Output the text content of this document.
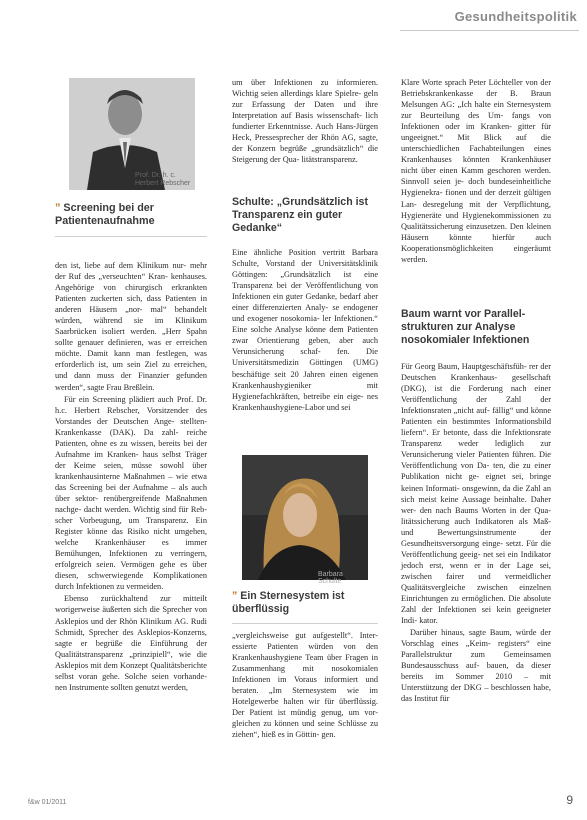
Gesundheitspolitik
Prof. Dr. h. c.
Herbert Rebscher
” Screening bei der Patientenaufnahme

den ist, liebe auf dem Klinikum nur- mehr der Ruf des „verseuchten“ Kran- kenhauses. Angehörige von chirurgisch erkrankten Patienten zuckerten sich, dass Patienten in anderen Häusern „nor- mal“ behandelt würden, während sie im Klinikum Saarbrücken isoliert werden. „Herr Spahn sollte genauer definieren, was er erreichen möchte. Damit kann man festlegen, was erforderlich ist, um sein Ziel zu erreichen, und dann muss der Finanzier gefunden werden“, sagte Frau Breßlein.

Für ein Screening plädiert auch Prof. Dr. h.c. Herbert Rebscher, Vorsitzender des Vorstandes der Deutschen Ange- stellten-Krankenkasse (DAK). Da zahl- reiche Patienten, ohne es zu wissen, bereits bei der Aufnahme im Kranken- haus selbst Träger der Keime seien, müsse sowohl über krankenhausinterne Maßnahmen – wie etwa das Screening bei der Aufnahme – als auch über sektor- renübergreifende Maßnahmen nachge- dacht werden. Wichtig sind für Reb- scher Vorbeugung, um Transparenz. Ein Register könne das Risiko nicht umgehen, welche Krankenhäuser es immer Bemühungen, Infektionen zu verringern, erfolgreich seien. Vermögen gehe es über diesen, schwerwiegende Komplikationen durch Infektionen zu vermeiden.

Ebenso zurückhaltend zur mitteilt worigerweise äußerten sich die Sprecher von Asklepios und der Rhön Klinikum AG. Rudi Schmidt, Sprecher des Asklepios-Konzerns, sagte er begrüße die Einführung der Qualitätstransparenz „prinzipiell“, wie die Asklepios mit dem Konzept Qualitätsberichte selbst voran gehe. Solche seien vorhande- nen Instrumente sollten genutzt werden,

um über Infektionen zu informieren. Wichtig seien allerdings klare Spielre- geln zur Erfassung der Daten und ihre Interpretation auf Basis wissenschaft- lich fundierter Erkenntnisse. Auch Hans-Jürgen Heck, Pressesprecher der Rhön AG, sagte, der Konzern begrüße „grundsätzlich“ die Steigerung der Qua- litätstransparenz.

Schulte: „Grundsätzlich ist Transparenz ein guter Gedanke“

Eine ähnliche Position vertritt Barbara Schulte, Vorstand der Universitätsklinik Göttingen: „Grundsätzlich ist eine Transparenz bei der Veröffentlichung von Infektionen ein guter Gedanke, bedarf aber einer differenzierten Analy- se endogener und exogener nosokomia- ler Infektionen.“ Eine solche Analyse könne dem Patienten zwar Orientierung geben, aber auch Verunsicherung schaf- fen. Die Universitätsmedizin Göttingen (UMG) beschäftige seit 20 Jahren einen eigenen Krankenhaushygieniker mit Hygienefachkräften, betreibe ein eige- nes Krankenhaushygiene-Labor und sei

Barbara Schulte
” Ein Sternesystem ist überflüssig

„vergleichsweise gut aufgestellt“. Inter- essierte Patienten würden von den Krankenhaushygiene Team über Fragen in Zusammenhang mit nosokomialen Infektionen im Voraus informiert und beraten. „Im Sternesystem wie im Hotelgewerbe halten wir für überflüssig. Der Patient ist mündig genug, um vor- gleichen zu können und seine Schlüsse zu ziehen“, hieß es in Göttin- gen.

Klare Worte sprach Peter Löchteller von der Betriebskrankenkasse der B. Braun Melsungen AG: „Ich halte ein Sternesystem zur Beurteilung des Um- fangs von Infektionen oder im Kranken- gitter für ungeeignet.“ Mit Blick auf die unterschiedlichen Fachabteilungen eines Krankenhauses könnten Krankenhäuser nicht über einen Kamm geschoren werden. Sinnvoll seien je- doch bundeseinheitliche Hygienekra- fionen und der derzeit gültigen Lan- desregelung mit der Verpflichtung, Hygieneräte und Hygienekommissionen zu Qualitätssicherung einzusetzen. Den kleinen Häusern könnte hierfür auch Kooperationsmöglichkeiten eingeräumt werden.

Baum warnt vor Parallel- strukturen zur Analyse nosokomialer Infektionen

Für Georg Baum, Hauptgeschäftsfüh- rer der Deutschen Krankenhaus- gesellschaft (DKG), ist die Forderung nach einer Veröffentlichung der Zahl der Infektionsraten „nicht auf- fällig“ und könne Patienten ein bestimmtes Informationsbild liefern“. Er betonte, dass die Infektionsrate Transparenz weder lediglich zur Verunsicherung vieler Patienten führen. Die Veröffentlichung von Da- ten, die zu einer Publikation nicht ge- eignet sei, bringe keinen Informati- onsgewinn, da die Zahl an sich meist keine Aussage beinhalte. Daher wer- den nach Baums Worten in der Qua- litätssicherung auch Indikatoren als Maß- und Bewertungsinstrumente der Gesundheitsversorgung einge- setzt. Für die Veröffentlichung geeig- net sei ein Indikator jedoch erst, wenn er in der Lage sei, zwischen fairer und vermeidlicher Qualitätsvergleiche zwischen einzelnen Einrichtungen zu ermöglichen. Die absolute Zahl der Infektionen sei kein geeigneter Indi- kator.

Darüber hinaus, sagte Baum, würde der Vorschlag eines „Keim- registers“ eine Parallelstruktur zum Gemeinsamen Bundesausschuss auf- bauen, da dieser bereits im Sommer 2010 – mit Unterstützung der DKG – beschlossen habe, das Institut für

f&w 01/2011	9
